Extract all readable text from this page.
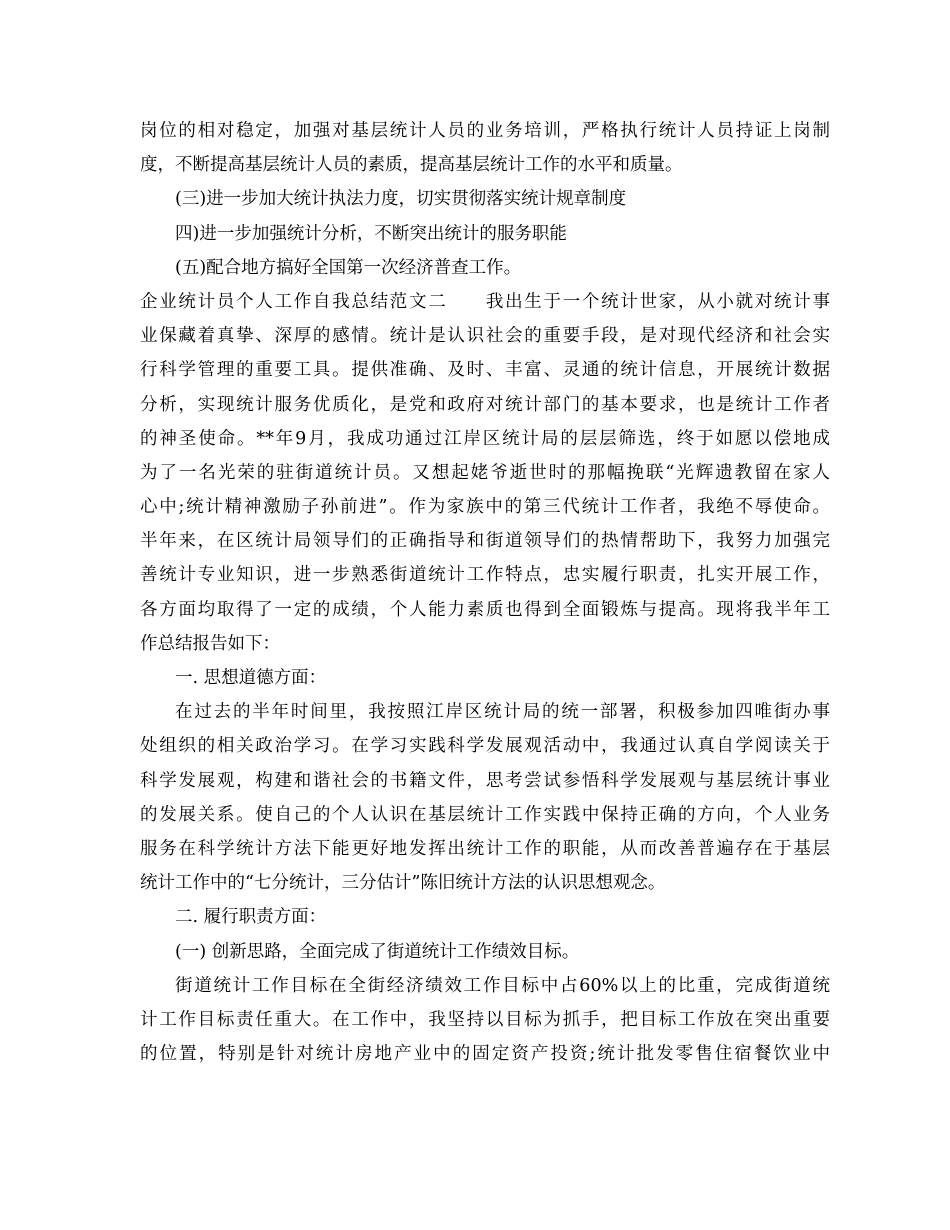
岗位的相对稳定，加强对基层统计人员的业务培训，严格执行统计人员持证上岗制
度，不断提高基层统计人员的素质，提高基层统计工作的水平和质量。
(三)进一步加大统计执法力度，切实贯彻落实统计规章制度
四)进一步加强统计分析，不断突出统计的服务职能
(五)配合地方搞好全国第一次经济普查工作。
企业统计员个人工作自我总结范文二　　我出生于一个统计世家，从小就对统计事
业保藏着真挚、深厚的感情。统计是认识社会的重要手段，是对现代经济和社会实
行科学管理的重要工具。提供准确、及时、丰富、灵通的统计信息，开展统计数据
分析，实现统计服务优质化，是党和政府对统计部门的基本要求，也是统计工作者
的神圣使命。**年9月，我成功通过江岸区统计局的层层筛选，终于如愿以偿地成
为了一名光荣的驻街道统计员。又想起姥爷逝世时的那幅挽联“光辉遗教留在家人
心中;统计精神激励子孙前进”。作为家族中的第三代统计工作者，我绝不辱使命。
半年来，在区统计局领导们的正确指导和街道领导们的热情帮助下，我努力加强完
善统计专业知识，进一步熟悉街道统计工作特点，忠实履行职责，扎实开展工作，
各方面均取得了一定的成绩，个人能力素质也得到全面锻炼与提高。现将我半年工
作总结报告如下：
一. 思想道德方面：
在过去的半年时间里，我按照江岸区统计局的统一部署，积极参加四唯街办事
处组织的相关政治学习。在学习实践科学发展观活动中，我通过认真自学阅读关于
科学发展观，构建和谐社会的书籍文件，思考尝试参悟科学发展观与基层统计事业
的发展关系。使自己的个人认识在基层统计工作实践中保持正确的方向，个人业务
服务在科学统计方法下能更好地发挥出统计工作的职能，从而改善普遍存在于基层
统计工作中的“七分统计，三分估计”陈旧统计方法的认识思想观念。
二. 履行职责方面：
(一) 创新思路，全面完成了街道统计工作绩效目标。
街道统计工作目标在全街经济绩效工作目标中占60%以上的比重，完成街道统
计工作目标责任重大。在工作中，我坚持以目标为抓手，把目标工作放在突出重要
的位置，特别是针对统计房地产业中的固定资产投资;统计批发零售住宿餐饮业中
